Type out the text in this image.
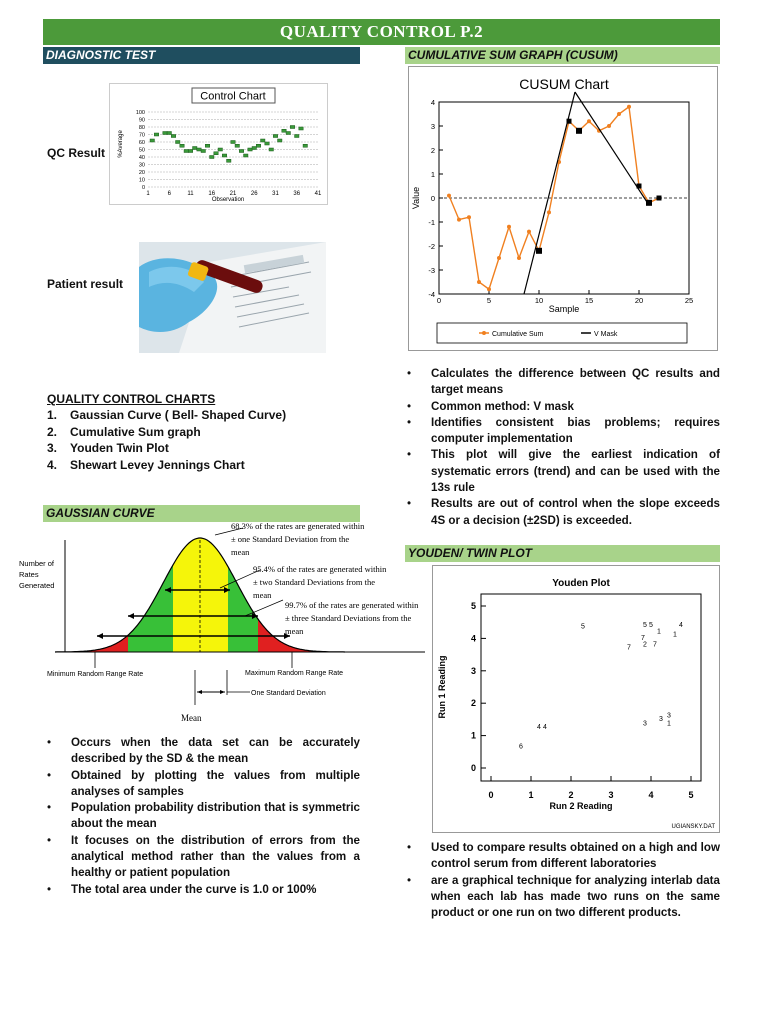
QUALITY CONTROL P.2
DIAGNOSTIC TEST
QC Result
Control Chart
100
90
80
70
60
50
40
30
20
10
0
1	6	11 16 21 26 31 36 41
Observation
%Average
Patient result
QUALITY CONTROL CHARTS
1. Gaussian Curve ( Bell- Shaped Curve)
2. Cumulative Sum graph
3. Youden Twin Plot
4. Shewart Levey Jennings Chart
GAUSSIAN CURVE
Number of
Rates
Generated
68.3% of the rates are generated within
± one Standard Deviation from the
mean
95.4% of the rates are generated within
± two Standard Deviations from the
mean
99.7% of the rates are generated within
± three Standard Deviations from the
mean
Minimum Random Range Rate	Maximum Random Range Rate
One Standard Deviation
Mean
• Occurs when the data set can be accurately described by the SD & the mean
• Obtained by plotting the values from multiple analyses of samples
• Population probability distribution that is symmetric about the mean
• It focuses on the distribution of errors from the analytical method rather than the values from a healthy or patient population
• The total area under the curve is 1.0 or 100%
CUMULATIVE SUM GRAPH (CUSUM)
CUSUM Chart
4
3
2
1
0
-1
-2
-3
-4
0	5	10	15	20	25
Sample
Value
Cumulative Sum	V Mask
• Calculates the difference between QC results and target means
• Common method: V mask
• Identifies consistent bias problems; requires computer implementation
• This plot will give the earliest indication of systematic errors (trend) and can be used with the 13s rule
• Results are out of control when the slope exceeds 4S or a decision (±2SD) is exceeded.
YOUDEN/ TWIN PLOT
Youden Plot
0	1	2	3	4	5
5
4
3
2
1
0
6
4 4
5
7
5 5
7
2 7
1
4
1
3
3 3
1
Run 2 Reading
Run 1 Reading
UGIANSKY.DAT
• Used to compare results obtained on a high and low control serum from different laboratories
• are a graphical technique for analyzing interlab data when each lab has made two runs on the same product or one run on two different products.
